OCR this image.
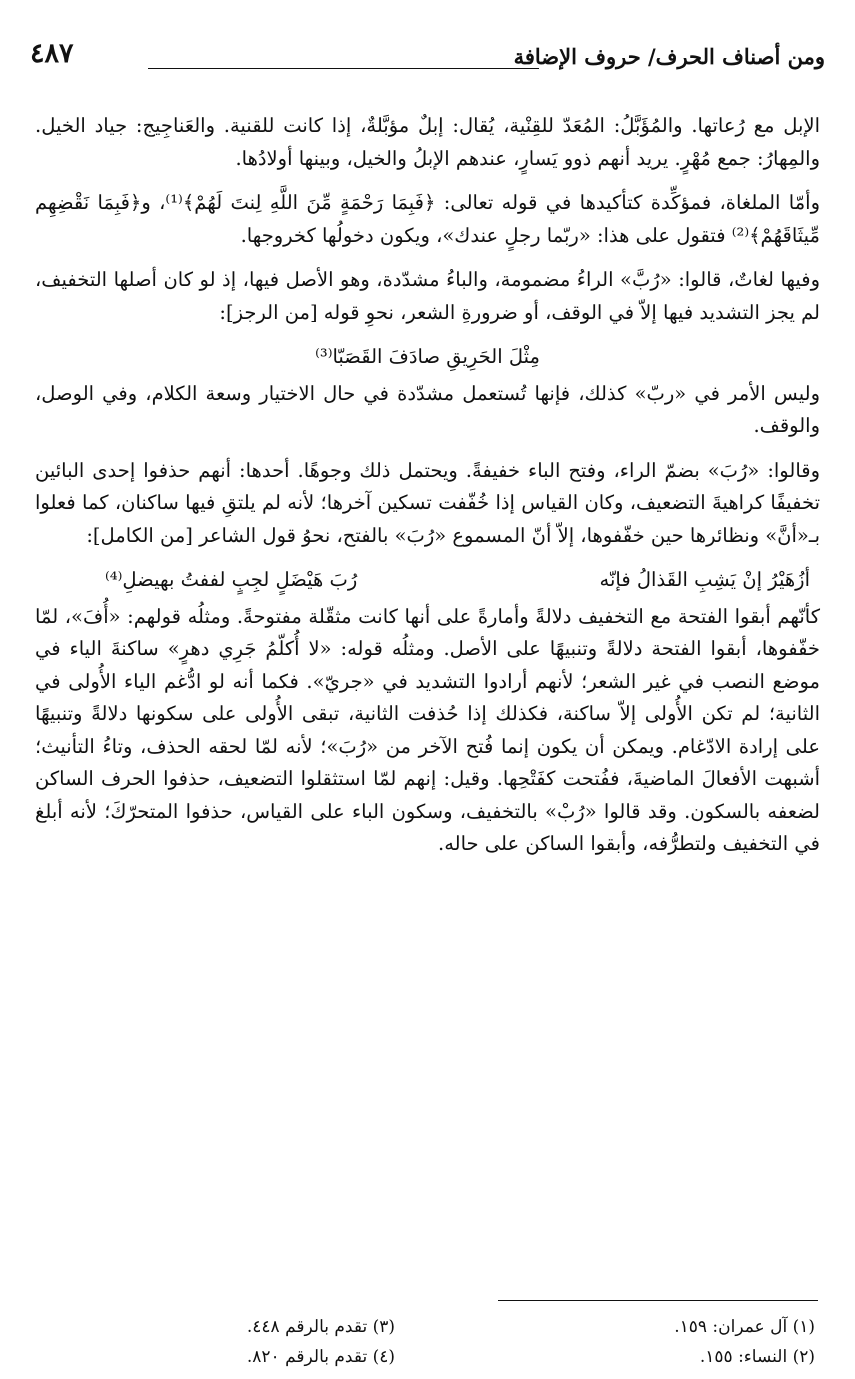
ومن أصناف الحرف/ حروف الإضافة
٤٨٧

الإبل مع رُعاتها. والمُؤَبَّلُ: المُعَدّ للقِنْية، يُقال: إبلٌ مؤبَّلةٌ، إذا كانت للقنية. والعَناجِيج: جياد الخيل. والمِهارُ: جمع مُهْرٍ. يريد أنهم ذوو يَسارٍ، عندهم الإبلُ والخيل، وبينها أولادُها.

وأمّا الملغاة، فمؤكِّدة كتأكيدها في قوله تعالى: ﴿فَبِمَا رَحْمَةٍ مِّنَ اللَّهِ لِنتَ لَهُمْ﴾⁽¹⁾، و﴿فَبِمَا نَقْضِهِم مِّيثَاقَهُمْ﴾⁽²⁾ فتقول على هذا: «ربّما رجلٍ عندك»، ويكون دخولُها كخروجها.

وفيها لغاتٌ، قالوا: «رُبَّ» الراءُ مضمومة، والباءُ مشدّدة، وهو الأصل فيها، إذ لو كان أصلها التخفيف، لم يجز التشديد فيها إلاّ في الوقف، أو ضرورةِ الشعر، نحوِ قوله [من الرجز]:

مِثْلَ الحَرِيقِ صادَفَ القَصَبّا⁽³⁾

وليس الأمر في «ربّ» كذلك، فإنها تُستعمل مشدّدة في حال الاختيار وسعة الكلام، وفي الوصل، والوقف.

وقالوا: «رُبَ» بضمّ الراء، وفتح الباء خفيفةً. ويحتمل ذلك وجوهًا. أحدها: أنهم حذفوا إحدى البائين تخفيفًا كراهيةَ التضعيف، وكان القياس إذا خُفّفت تسكين آخرها؛ لأنه لم يلتقِ فيها ساكنان، كما فعلوا بـ«أنَّ» ونظائرها حين خفّفوها، إلاّ أنّ المسموع «رُبَ» بالفتح، نحوُ قول الشاعر [من الكامل]:

أزُهَيْرُ إنْ يَشِبِ القَذالُ فإنّه
رُبَ هَيْضَلٍ لجِبٍ لففتُ بهيضلِ⁽⁴⁾

كأنّهم أبقوا الفتحة مع التخفيف دلالةً وأمارةً على أنها كانت مثقّلة مفتوحةً. ومثلُه قولهم: «أُفَ»، لمّا خفّفوها، أبقوا الفتحة دلالةً وتنبيهًا على الأصل. ومثلُه قوله: «لا أُكلّمُ جَرِي دهرٍ» ساكنةَ الياء في موضع النصب في غير الشعر؛ لأنهم أرادوا التشديد في «جريّ». فكما أنه لو ادُّغم الياء الأُولى في الثانية؛ لم تكن الأُولى إلاّ ساكنة، فكذلك إذا حُذفت الثانية، تبقى الأُولى على سكونها دلالةً وتنبيهًا على إرادة الادّغام. ويمكن أن يكون إنما فُتح الآخر من «رُبَ»؛ لأنه لمّا لحقه الحذف، وتاءُ التأنيث؛ أشبهت الأفعالَ الماضيةَ، ففُتحت كفَتْحِها. وقيل: إنهم لمّا استثقلوا التضعيف، حذفوا الحرف الساكن لضعفه بالسكون. وقد قالوا «رُبْ» بالتخفيف، وسكون الباء على القياس، حذفوا المتحرّكَ؛ لأنه أبلغ في التخفيف ولتطرُّفه، وأبقوا الساكن على حاله.

(١) آل عمران: ١٥٩.
(٢) النساء: ١٥٥.
(٣) تقدم بالرقم ٤٤٨.
(٤) تقدم بالرقم ٨٢٠.
